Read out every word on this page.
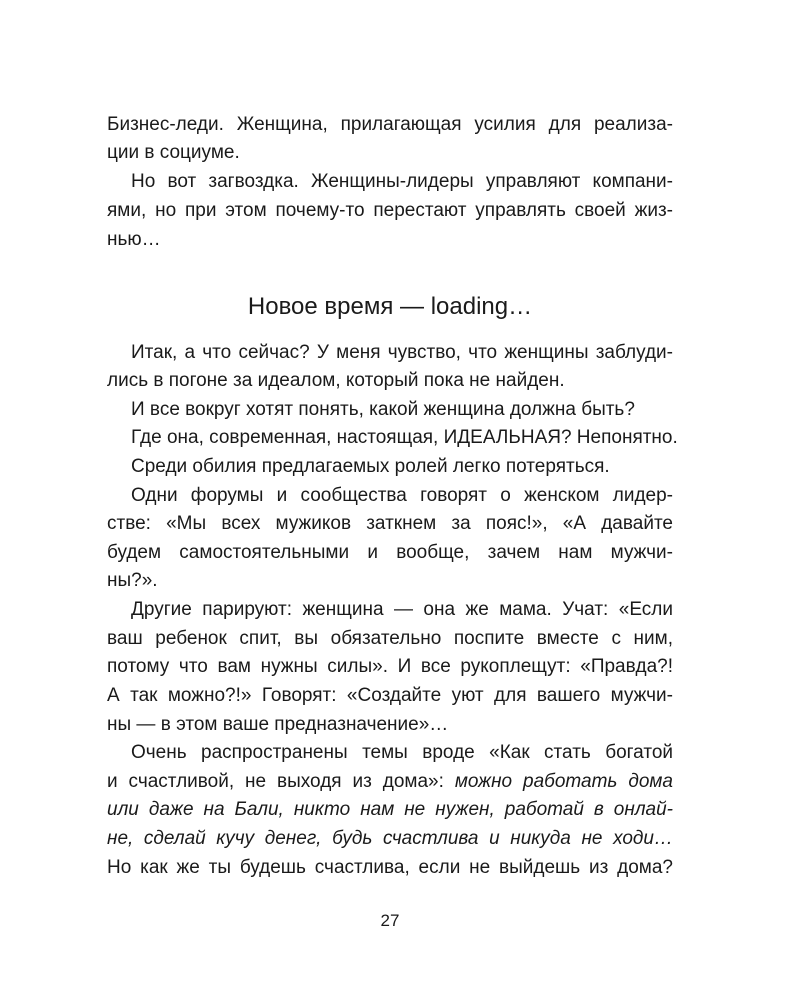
Бизнес-леди. Женщина, прилагающая усилия для реализа-
ции в социуме.
Но вот загвоздка. Женщины-лидеры управляют компани-
ями, но при этом почему-то перестают управлять своей жиз-
нью…
Новое время — loading…
Итак, а что сейчас? У меня чувство, что женщины заблуди-
лись в погоне за идеалом, который пока не найден.
И все вокруг хотят понять, какой женщина должна быть?
Где она, современная, настоящая, ИДЕАЛЬНАЯ? Непонятно.
Среди обилия предлагаемых ролей легко потеряться.
Одни форумы и сообщества говорят о женском лидер-
стве: «Мы всех мужиков заткнем за пояс!», «А давайте
будем самостоятельными и вообще, зачем нам мужчи-
ны?».
Другие парируют: женщина — она же мама. Учат: «Если
ваш ребенок спит, вы обязательно поспите вместе с ним,
потому что вам нужны силы». И все рукоплещут: «Правда?!
А так можно?!» Говорят: «Создайте уют для вашего мужчи-
ны — в этом ваше предназначение»…
Очень распространены темы вроде «Как стать богатой
и счастливой, не выходя из дома»: можно работать дома
или даже на Бали, никто нам не нужен, работай в онлай-
не, сделай кучу денег, будь счастлива и никуда не ходи…
Но как же ты будешь счастлива, если не выйдешь из дома?
27
